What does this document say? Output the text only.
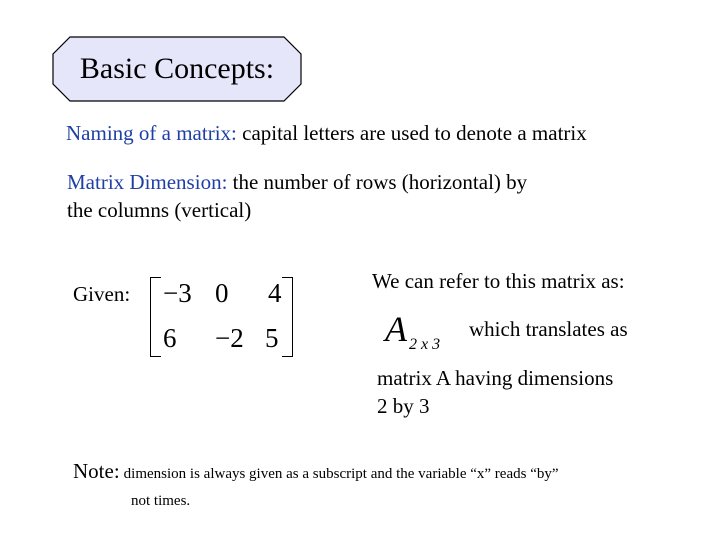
Basic Concepts:
Naming of a matrix: capital letters are used to denote a matrix
Matrix Dimension: the number of rows (horizontal) by
the columns (vertical)
Given: −3 0 4
6 −2 5
We can refer to this matrix as:
A 2 x 3
which translates as
matrix A having dimensions
2 by 3
Note: dimension is always given as a subscript and the variable “x” reads “by”
not times.
